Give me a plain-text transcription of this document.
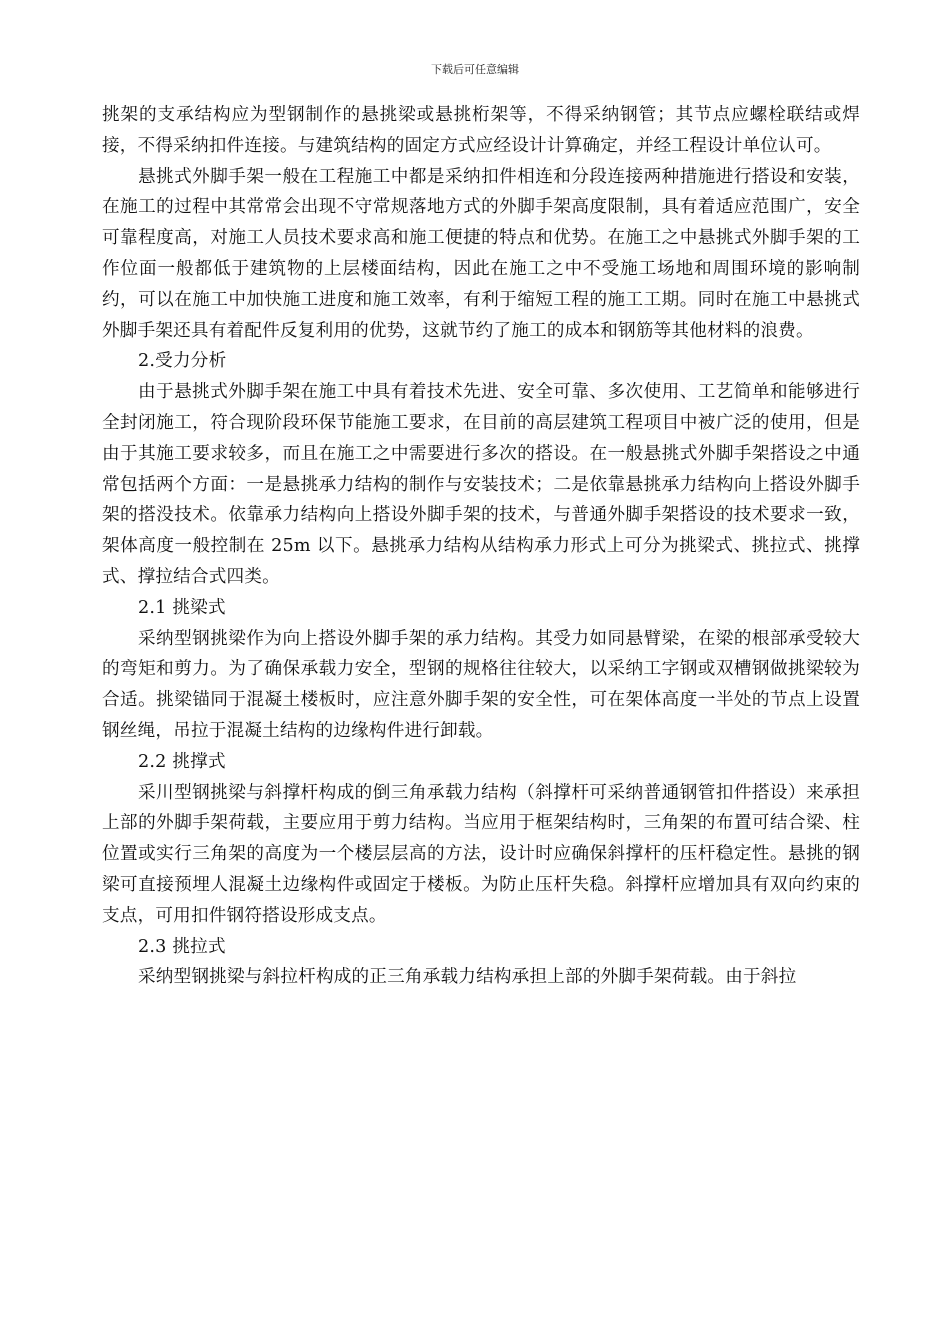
下载后可任意编辑

挑架的支承结构应为型钢制作的悬挑梁或悬挑桁架等，不得采纳钢管；其节点应螺栓联结或焊接，不得采纳扣件连接。与建筑结构的固定方式应经设计计算确定，并经工程设计单位认可。

悬挑式外脚手架一般在工程施工中都是采纳扣件相连和分段连接两种措施进行搭设和安装，在施工的过程中其常常会出现不守常规落地方式的外脚手架高度限制，具有着适应范围广，安全可靠程度高，对施工人员技术要求高和施工便捷的特点和优势。在施工之中悬挑式外脚手架的工作位面一般都低于建筑物的上层楼面结构，因此在施工之中不受施工场地和周围环境的影响制约，可以在施工中加快施工进度和施工效率，有利于缩短工程的施工工期。同时在施工中悬挑式外脚手架还具有着配件反复利用的优势，这就节约了施工的成本和钢筋等其他材料的浪费。

2.受力分析

由于悬挑式外脚手架在施工中具有着技术先进、安全可靠、多次使用、工艺简单和能够进行全封闭施工，符合现阶段环保节能施工要求，在目前的高层建筑工程项目中被广泛的使用，但是由于其施工要求较多，而且在施工之中需要进行多次的搭设。在一般悬挑式外脚手架搭设之中通常包括两个方面：一是悬挑承力结构的制作与安装技术；二是依靠悬挑承力结构向上搭设外脚手架的搭没技术。依靠承力结构向上搭设外脚手架的技术，与普通外脚手架搭设的技术要求一致，架体高度一般控制在 25m 以下。悬挑承力结构从结构承力形式上可分为挑梁式、挑拉式、挑撑式、撑拉结合式四类。

2.1 挑梁式

采纳型钢挑梁作为向上搭设外脚手架的承力结构。其受力如同悬臂梁，在梁的根部承受较大的弯矩和剪力。为了确保承载力安全，型钢的规格往往较大，以采纳工字钢或双槽钢做挑梁较为合适。挑梁锚同于混凝土楼板时，应注意外脚手架的安全性，可在架体高度一半处的节点上设置钢丝绳，吊拉于混凝土结构的边缘构件进行卸载。

2.2 挑撑式

采川型钢挑梁与斜撑杆构成的倒三角承载力结构（斜撑杆可采纳普通钢管扣件搭设）来承担上部的外脚手架荷载，主要应用于剪力结构。当应用于框架结构时，三角架的布置可结合梁、柱位置或实行三角架的高度为一个楼层层高的方法，设计时应确保斜撑杆的压杆稳定性。悬挑的钢梁可直接预埋人混凝土边缘构件或固定于楼板。为防止压杆失稳。斜撑杆应增加具有双向约束的支点，可用扣件钢符搭设形成支点。

2.3 挑拉式

采纳型钢挑梁与斜拉杆构成的正三角承载力结构承担上部的外脚手架荷载。由于斜拉
